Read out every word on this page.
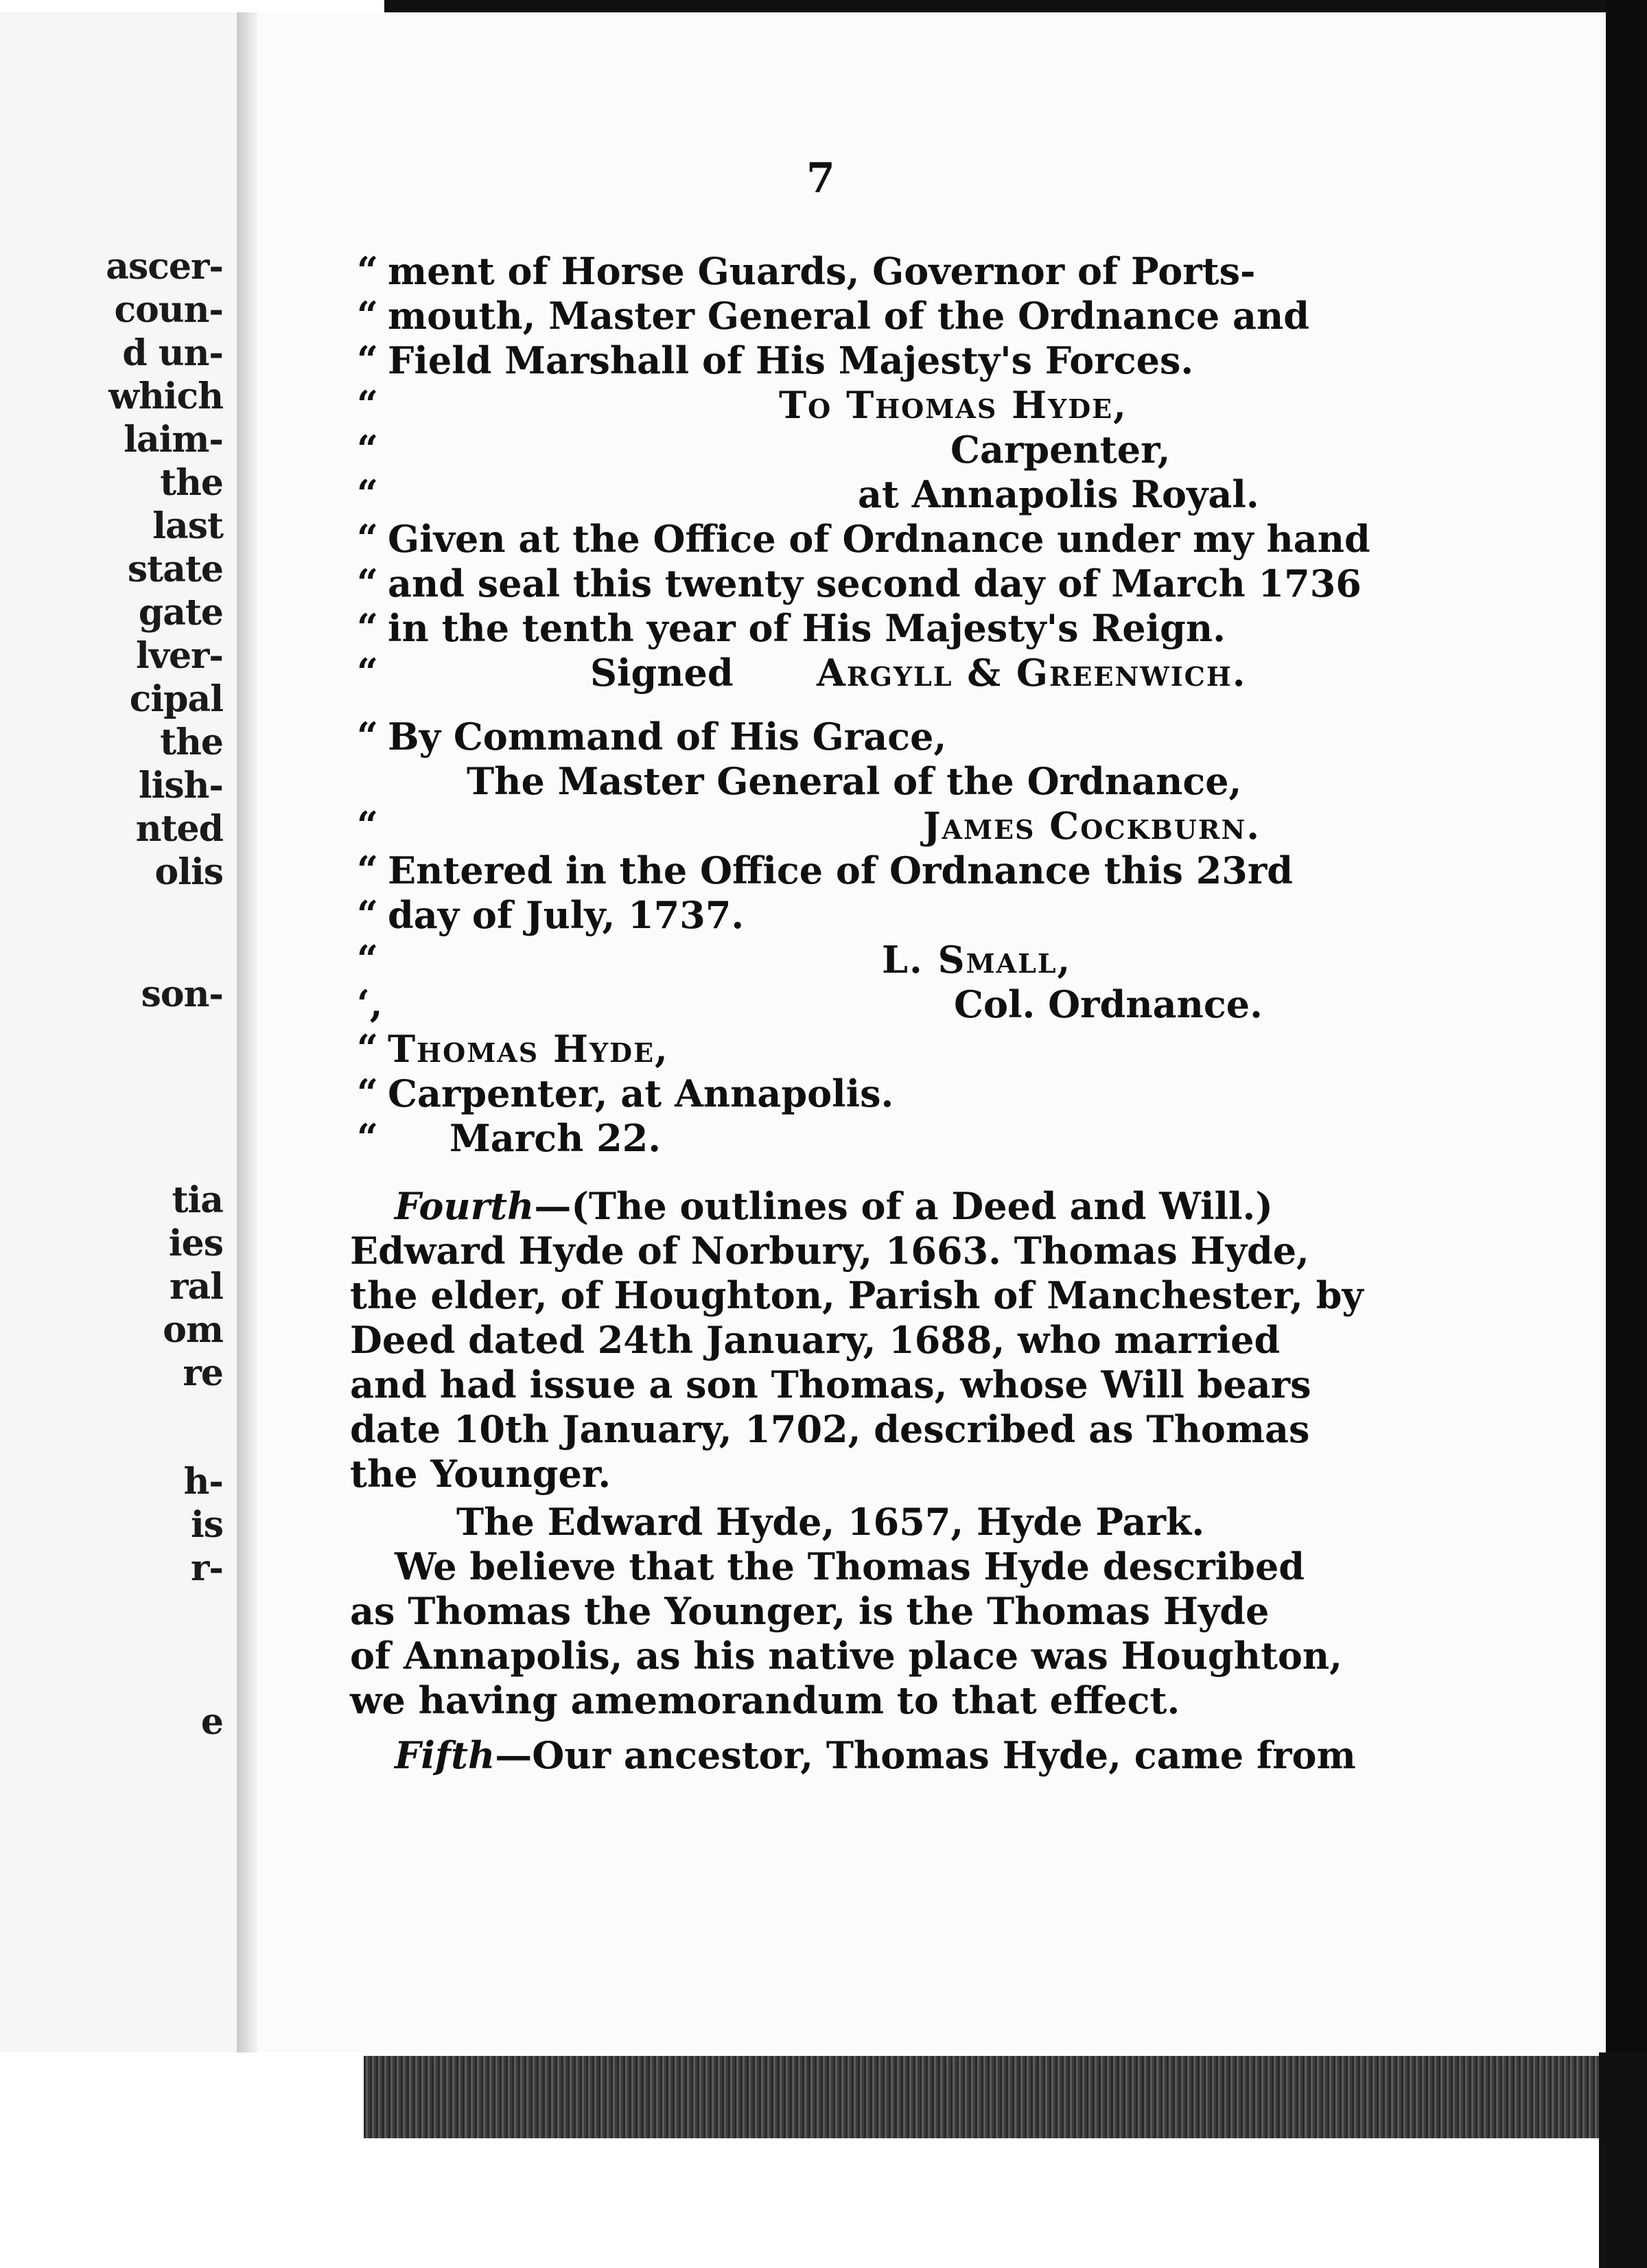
ascer-
coun-
d un-
which
laim-
the
last
state
gate
lver-
cipal
the
lish-
nted
olis
son-
tia
ies
ral
om
re
h-
is
r-
e
7
“
“
“
“
“
“
“
“
“
“
“
“
“
“
“
‘,
“
“
“
ment of Horse Guards, Governor of Ports-
mouth, Master General of the Ordnance and
Field Marshall of His Majesty's Forces.
To Thomas Hyde,
Carpenter,
at Annapolis Royal.
Given at the Office of Ordnance under my hand
and seal this twenty second day of March 1736
in the tenth year of His Majesty's Reign.
Signed Argyll & Greenwich.
By Command of His Grace,
The Master General of the Ordnance,
James Cockburn.
Entered in the Office of Ordnance this 23rd
day of July, 1737.
L. Small,
Col. Ordnance.
Thomas Hyde,
Carpenter, at Annapolis.
March 22.
Fourth—(The outlines of a Deed and Will.)
Edward Hyde of Norbury, 1663. Thomas Hyde,
the elder, of Houghton, Parish of Manchester, by
Deed dated 24th January, 1688, who married
and had issue a son Thomas, whose Will bears
date 10th January, 1702, described as Thomas
the Younger.
The Edward Hyde, 1657, Hyde Park.
We believe that the Thomas Hyde described
as Thomas the Younger, is the Thomas Hyde
of Annapolis, as his native place was Houghton,
we having amemorandum to that effect.
Fifth—Our ancestor, Thomas Hyde, came from
